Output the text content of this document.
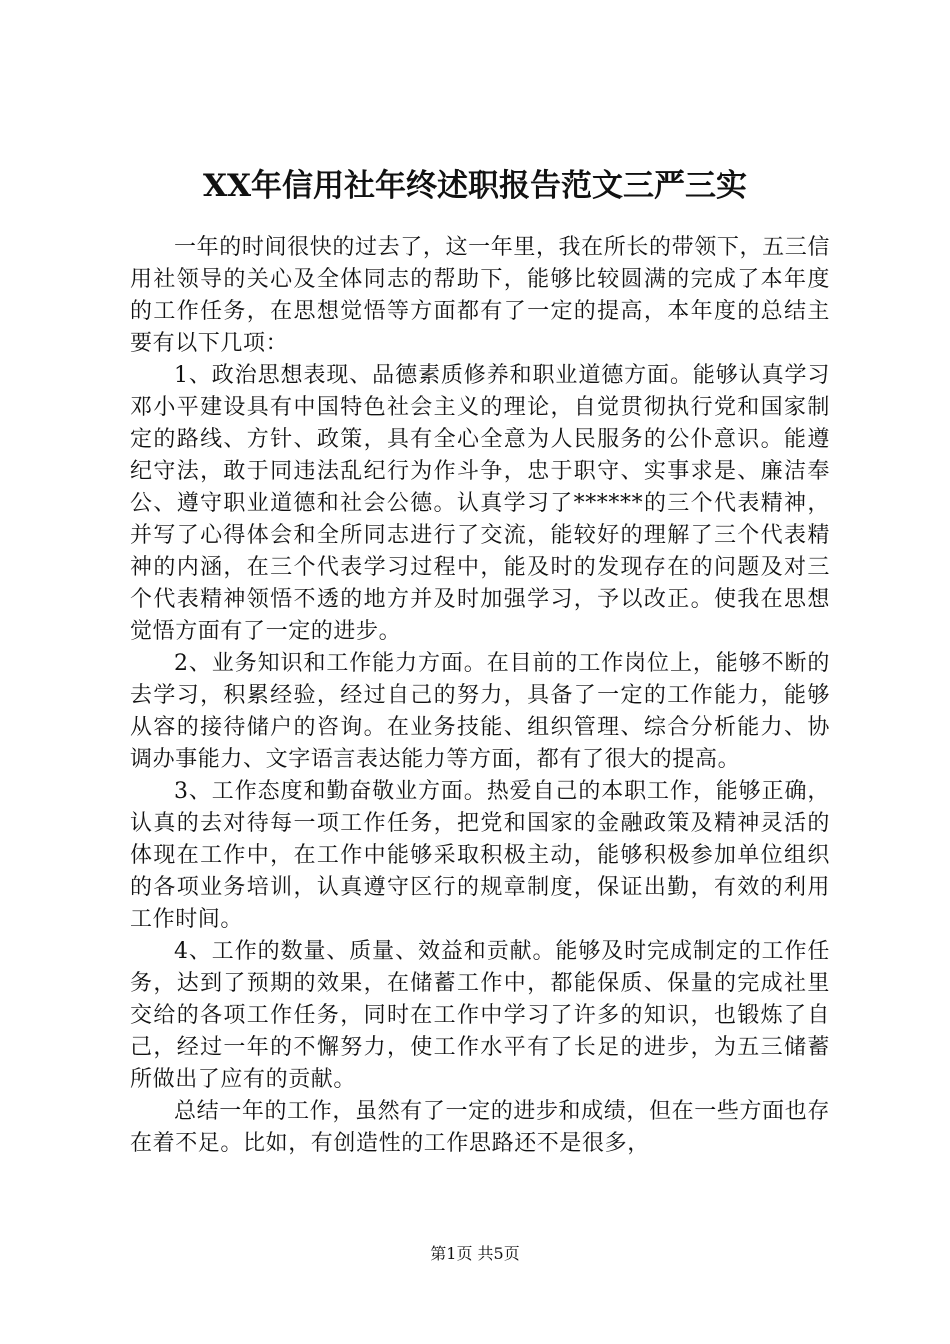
XX年信用社年终述职报告范文三严三实

一年的时间很快的过去了，这一年里，我在所长的带领下，五三信用社领导的关心及全体同志的帮助下，能够比较圆满的完成了本年度的工作任务，在思想觉悟等方面都有了一定的提高，本年度的总结主要有以下几项：

1、政治思想表现、品德素质修养和职业道德方面。能够认真学习邓小平建设具有中国特色社会主义的理论，自觉贯彻执行党和国家制定的路线、方针、政策，具有全心全意为人民服务的公仆意识。能遵纪守法，敢于同违法乱纪行为作斗争，忠于职守、实事求是、廉洁奉公、遵守职业道德和社会公德。认真学习了******的三个代表精神，并写了心得体会和全所同志进行了交流，能较好的理解了三个代表精神的内涵，在三个代表学习过程中，能及时的发现存在的问题及对三个代表精神领悟不透的地方并及时加强学习，予以改正。使我在思想觉悟方面有了一定的进步。

2、业务知识和工作能力方面。在目前的工作岗位上，能够不断的去学习，积累经验，经过自己的努力，具备了一定的工作能力，能够从容的接待储户的咨询。在业务技能、组织管理、综合分析能力、协调办事能力、文字语言表达能力等方面，都有了很大的提高。

3、工作态度和勤奋敬业方面。热爱自己的本职工作，能够正确，认真的去对待每一项工作任务，把党和国家的金融政策及精神灵活的体现在工作中，在工作中能够采取积极主动，能够积极参加单位组织的各项业务培训，认真遵守区行的规章制度，保证出勤，有效的利用工作时间。

4、工作的数量、质量、效益和贡献。能够及时完成制定的工作任务，达到了预期的效果，在储蓄工作中，都能保质、保量的完成社里交给的各项工作任务，同时在工作中学习了许多的知识，也锻炼了自己，经过一年的不懈努力，使工作水平有了长足的进步，为五三储蓄所做出了应有的贡献。

总结一年的工作，虽然有了一定的进步和成绩，但在一些方面也存在着不足。比如，有创造性的工作思路还不是很多，

第1页 共5页
